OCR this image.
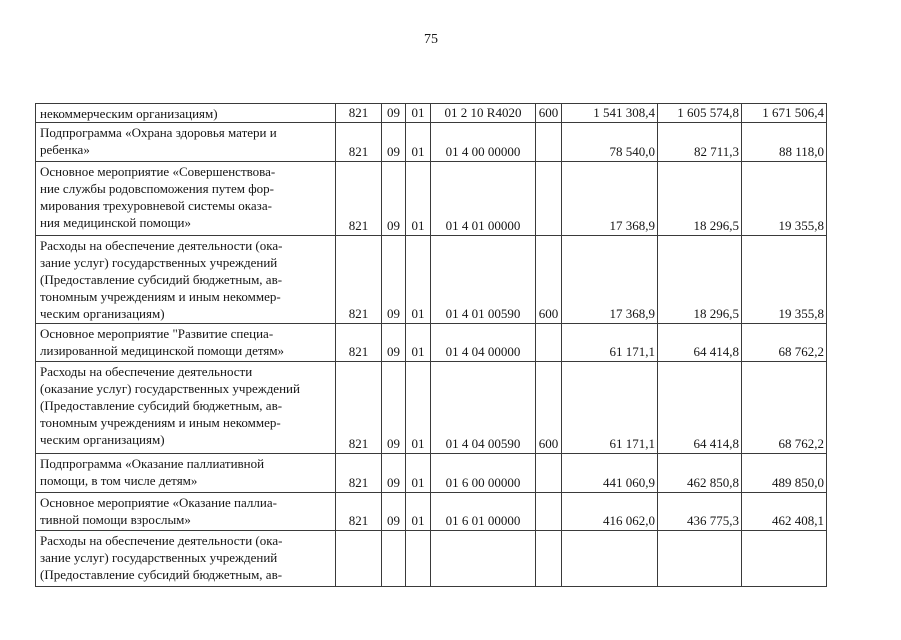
75
некоммерческим организациям)	821	09	01	01 2 10 R4020	600	1 541 308,4	1 605 574,8	1 671 506,4
Подпрограмма «Охрана здоровья матери и
ребенка»	821	09	01	01 4 00 00000		78 540,0	82 711,3	88 118,0
Основное мероприятие «Совершенствова-
ние службы родовспоможения путем фор-
мирования трехуровневой системы оказа-
ния медицинской помощи»	821	09	01	01 4 01 00000		17 368,9	18 296,5	19 355,8
Расходы на обеспечение деятельности (ока-
зание услуг) государственных учреждений
(Предоставление субсидий бюджетным, ав-
тономным учреждениям и иным некоммер-
ческим организациям)	821	09	01	01 4 01 00590	600	17 368,9	18 296,5	19 355,8
Основное мероприятие "Развитие специа-
лизированной медицинской помощи детям»	821	09	01	01 4 04 00000		61 171,1	64 414,8	68 762,2
Расходы на обеспечение деятельности
(оказание услуг) государственных учреждений
(Предоставление субсидий бюджетным, ав-
тономным учреждениям и иным некоммер-
ческим организациям)	821	09	01	01 4 04 00590	600	61 171,1	64 414,8	68 762,2
Подпрограмма «Оказание паллиативной
помощи, в том числе детям»	821	09	01	01 6 00 00000		441 060,9	462 850,8	489 850,0
Основное мероприятие «Оказание паллиа-
тивной помощи взрослым»	821	09	01	01 6 01 00000		416 062,0	436 775,3	462 408,1
Расходы на обеспечение деятельности (ока-
зание услуг) государственных учреждений
(Предоставление субсидий бюджетным, ав-								
